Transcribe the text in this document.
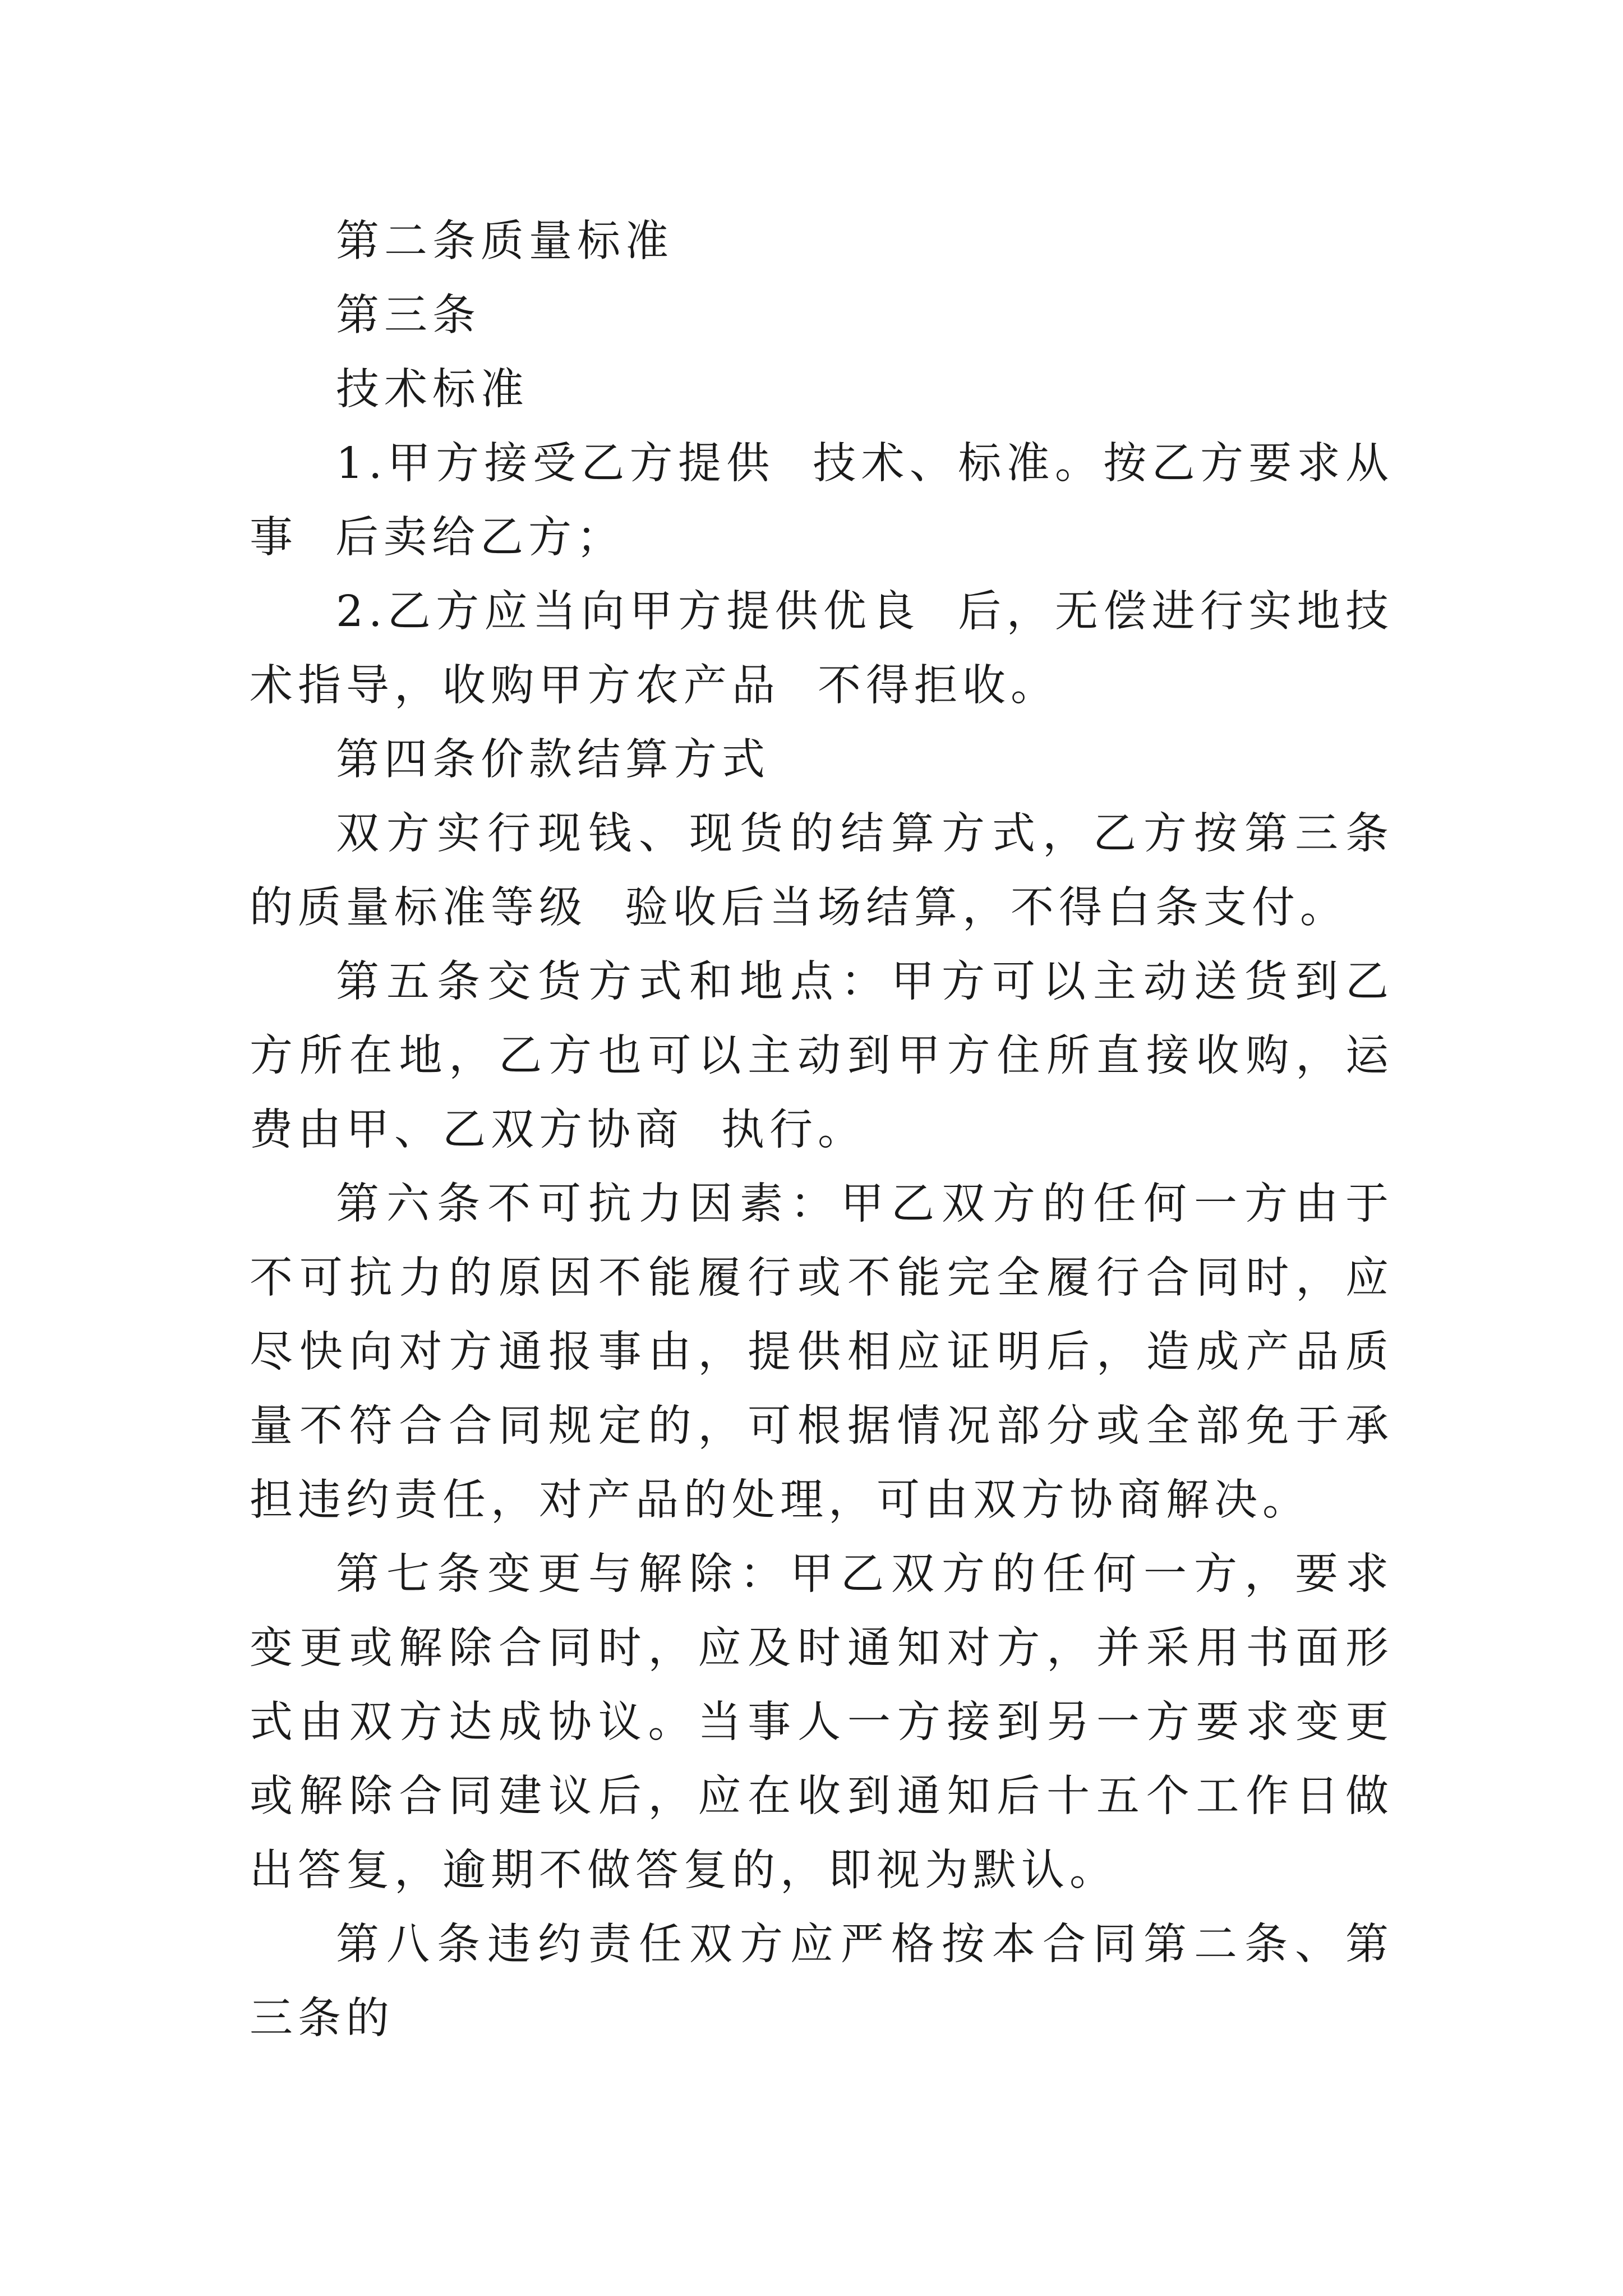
第二条质量标准

第三条

技术标准

1.甲方接受乙方提供  技术、标准。按乙方要求从事  后卖给乙方；

2.乙方应当向甲方提供优良  后，无偿进行实地技术指导，收购甲方农产品  不得拒收。

第四条价款结算方式

双方实行现钱、现货的结算方式，乙方按第三条的质量标准等级  验收后当场结算，不得白条支付。

第五条交货方式和地点：甲方可以主动送货到乙方所在地，乙方也可以主动到甲方住所直接收购，运费由甲、乙双方协商  执行。

第六条不可抗力因素：甲乙双方的任何一方由于不可抗力的原因不能履行或不能完全履行合同时，应尽快向对方通报事由，提供相应证明后，造成产品质量不符合合同规定的，可根据情况部分或全部免于承担违约责任，对产品的处理，可由双方协商解决。

第七条变更与解除：甲乙双方的任何一方，要求变更或解除合同时，应及时通知对方，并采用书面形式由双方达成协议。当事人一方接到另一方要求变更或解除合同建议后，应在收到通知后十五个工作日做出答复，逾期不做答复的，即视为默认。

第八条违约责任双方应严格按本合同第二条、第三条的
